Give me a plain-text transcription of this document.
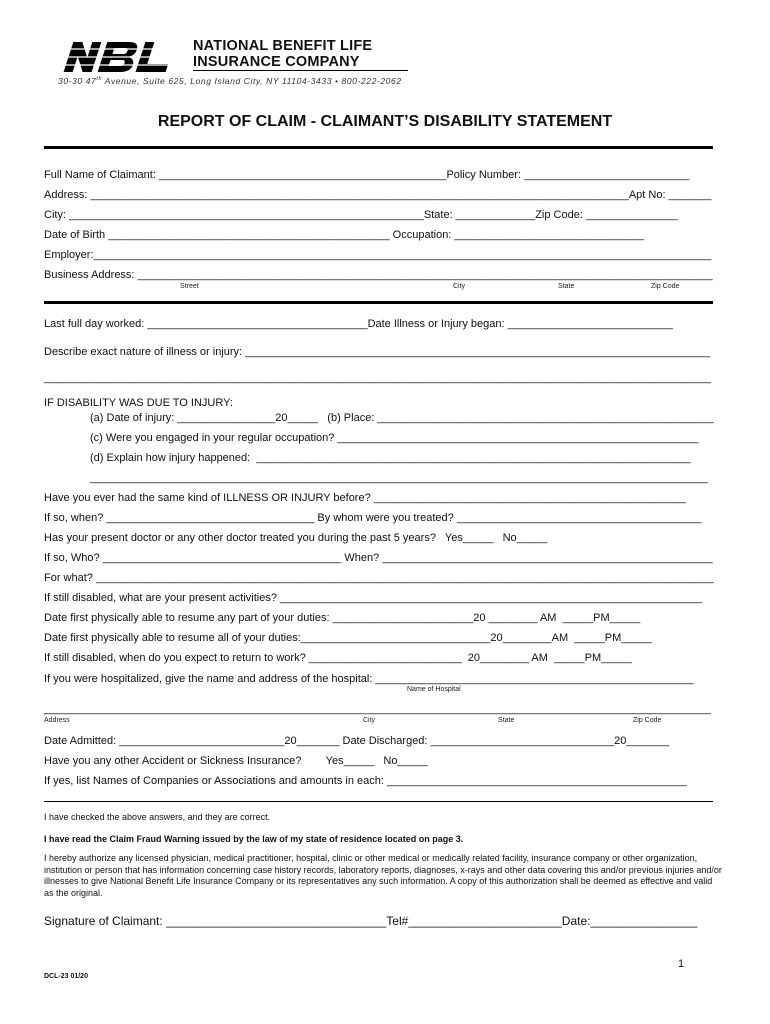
NATIONAL BENEFIT LIFE
INSURANCE COMPANY
30-30 47th Avenue, Suite 625, Long Island City, NY 11104-3433 • 800-222-2062
REPORT OF CLAIM - CLAIMANT’S DISABILITY STATEMENT
Full Name of Claimant: _______________________________________________Policy Number: ___________________________
Address: ________________________________________________________________________________________Apt No: _______
City: __________________________________________________________State: _____________Zip Code: _______________
Date of Birth ______________________________________________ Occupation: _______________________________
Employer:_____________________________________________________________________________________________________
Business Address: ______________________________________________________________________________________________
Street	City	State	Zip Code
Last full day worked: ____________________________________Date Illness or Injury began: ___________________________
Describe exact nature of illness or injury: ____________________________________________________________________________
_____________________________________________________________________________________________________________
IF DISABILITY WAS DUE TO INJURY:
(a) Date of injury: ________________20_____   (b) Place: _______________________________________________________
(c) Were you engaged in your regular occupation? ___________________________________________________________
(d) Explain how injury happened:  _______________________________________________________________________
_____________________________________________________________________________________________________
Have you ever had the same kind of ILLNESS OR INJURY before? ___________________________________________________
If so, when? __________________________________ By whom were you treated? ________________________________________
Has your present doctor or any other doctor treated you during the past 5 years?   Yes_____   No_____
If so, Who? _______________________________________ When? ______________________________________________________
For what? _____________________________________________________________________________________________________
If still disabled, what are your present activities? _____________________________________________________________________
Date first physically able to resume any part of your duties: _______________________20 ________ AM  _____PM_____
Date first physically able to resume all of your duties:_______________________________20________AM  _____PM_____
If still disabled, when do you expect to return to work? _________________________  20________ AM  _____PM_____
If you were hospitalized, give the name and address of the hospital: ____________________________________________________
Name of Hospital
_____________________________________________________________________________________________________________
Address	City	State	Zip Code
Date Admitted: ___________________________20_______ Date Discharged: ______________________________20_______
Have you any other Accident or Sickness Insurance?        Yes_____   No_____
If yes, list Names of Companies or Associations and amounts in each: _________________________________________________
I have checked the above answers, and they are correct.
I have read the Claim Fraud Warning issued by the law of my state of residence located on page 3.
I hereby authorize any licensed physician, medical practitioner, hospital, clinic or other medical or medically related facility, insurance company or other organization, institution or person that has information concerning case history records, laboratory reports, diagnoses, x-rays and other data covering this and/or previous injuries and/or illnesses to give National Benefit Life Insurance Company or its representatives any such information. A copy of this authorization shall be deemed as effective and valid as the original.
Signature of Claimant: _________________________________Tel#_______________________Date:________________
1
DCL-23 01/20
